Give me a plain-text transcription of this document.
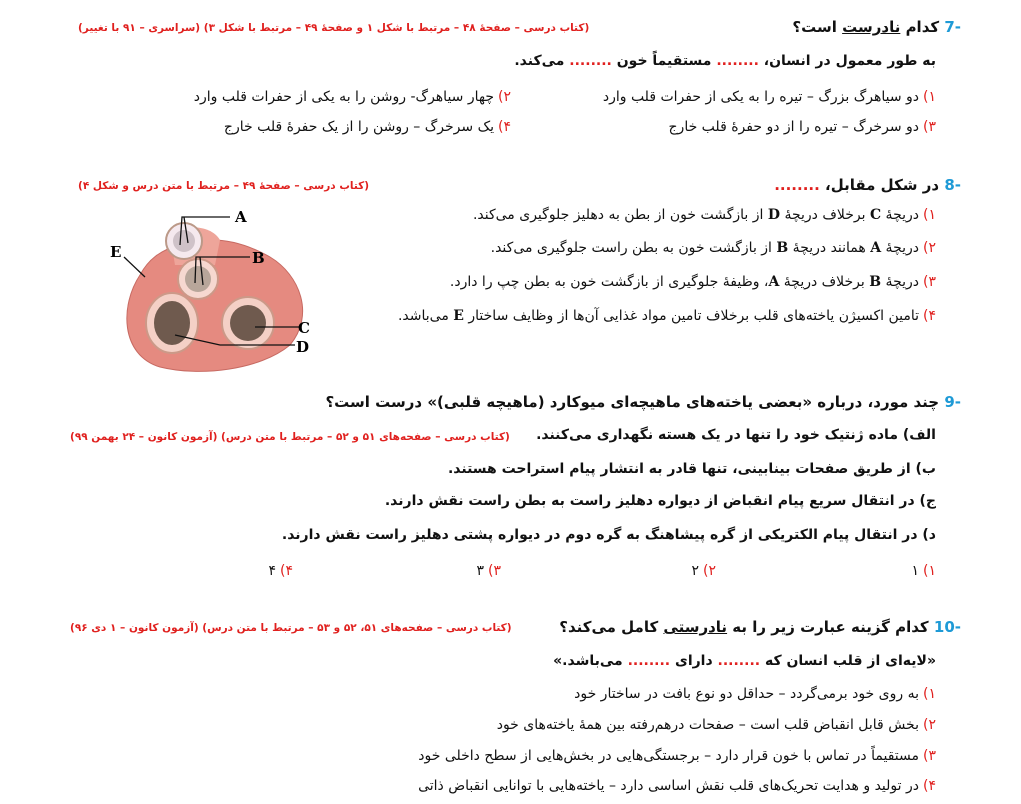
-7 کدام نادرست است؟
(کتاب درسی – صفحهٔ ۴۸ – مرتبط با شکل ۱ و صفحهٔ ۴۹ – مرتبط با شکل ۳) (سراسری – ۹۱ با تغییر)
به طور معمول در انسان، ........ مستقیماً خون ........ می‌کند.
۱)دو سیاهرگ بزرگ – تیره را به یکی از حفرات قلب وارد
۲)چهار سیاهرگ- روشن را به یکی از حفرات قلب وارد
۳)دو سرخرگ – تیره را از دو حفرهٔ قلب خارج
۴)یک سرخرگ – روشن را از یک حفرهٔ قلب خارج
-8 در شکل مقابل، ........
(کتاب درسی – صفحهٔ ۴۹ – مرتبط با متن درس و شکل ۴)
۱)دریچهٔ C برخلاف دریچهٔ D از بازگشت خون از بطن به دهلیز جلوگیری می‌کند.
۲)دریچهٔ A همانند دریچهٔ B از بازگشت خون به بطن راست جلوگیری می‌کند.
۳)دریچهٔ B برخلاف دریچهٔ A، وظیفهٔ جلوگیری از بازگشت خون به بطن چپ را دارد.
۴)تامین اکسیژن یاخته‌های قلب برخلاف تامین مواد غذایی آن‌ها از وظایف ساختار E می‌باشد.
A
B
C
D
E
-9 چند مورد، درباره «بعضی یاخته‌های ماهیچه‌ای میوکارد (ماهیچه قلبی)» درست است؟
(کتاب درسی – صفحه‌های ۵۱ و ۵۲ – مرتبط با متن درس) (آزمون کانون – ۲۴ بهمن ۹۹) الف) ماده ژنتیک خود را تنها در یک هسته نگهداری می‌کنند.
ب) از طریق صفحات بینابینی، تنها قادر به انتشار پیام استراحت هستند.
ج) در انتقال سریع پیام انقباض از دیواره دهلیز راست به بطن راست نقش دارند.
د) در انتقال پیام الکتریکی از گره پیشاهنگ به گره دوم در دیواره پشتی دهلیز راست نقش دارند.
۱)۱
۲)۲
۳)۳
۴)۴
-10 کدام گزینه عبارت زیر را به نادرستی کامل می‌کند؟
(کتاب درسی – صفحه‌های ۵۱، ۵۲ و ۵۳ – مرتبط با متن درس) (آزمون کانون – ۱ دی ۹۶)
«لایه‌ای از قلب انسان که ........ دارای ........ می‌باشد.»
۱)به روی خود برمی‌گردد – حداقل دو نوع بافت در ساختار خود
۲)بخش قابل انقباض قلب است – صفحات درهم‌رفته بین همهٔ یاخته‌های خود
۳)مستقیماً در تماس با خون قرار دارد – برجستگی‌هایی در بخش‌هایی از سطح داخلی خود
۴)در تولید و هدایت تحریک‌های قلب نقش اساسی دارد – یاخته‌هایی با توانایی انقباض ذاتی
